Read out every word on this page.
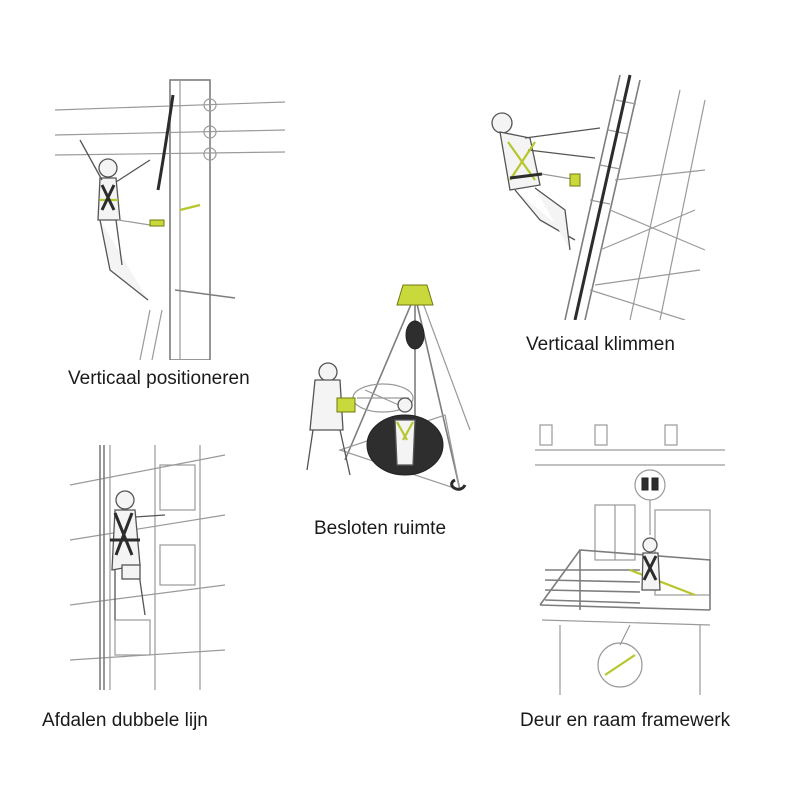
Verticaal positioneren
Verticaal klimmen
Besloten ruimte
Afdalen dubbele lijn	Deur en raam framewerk
